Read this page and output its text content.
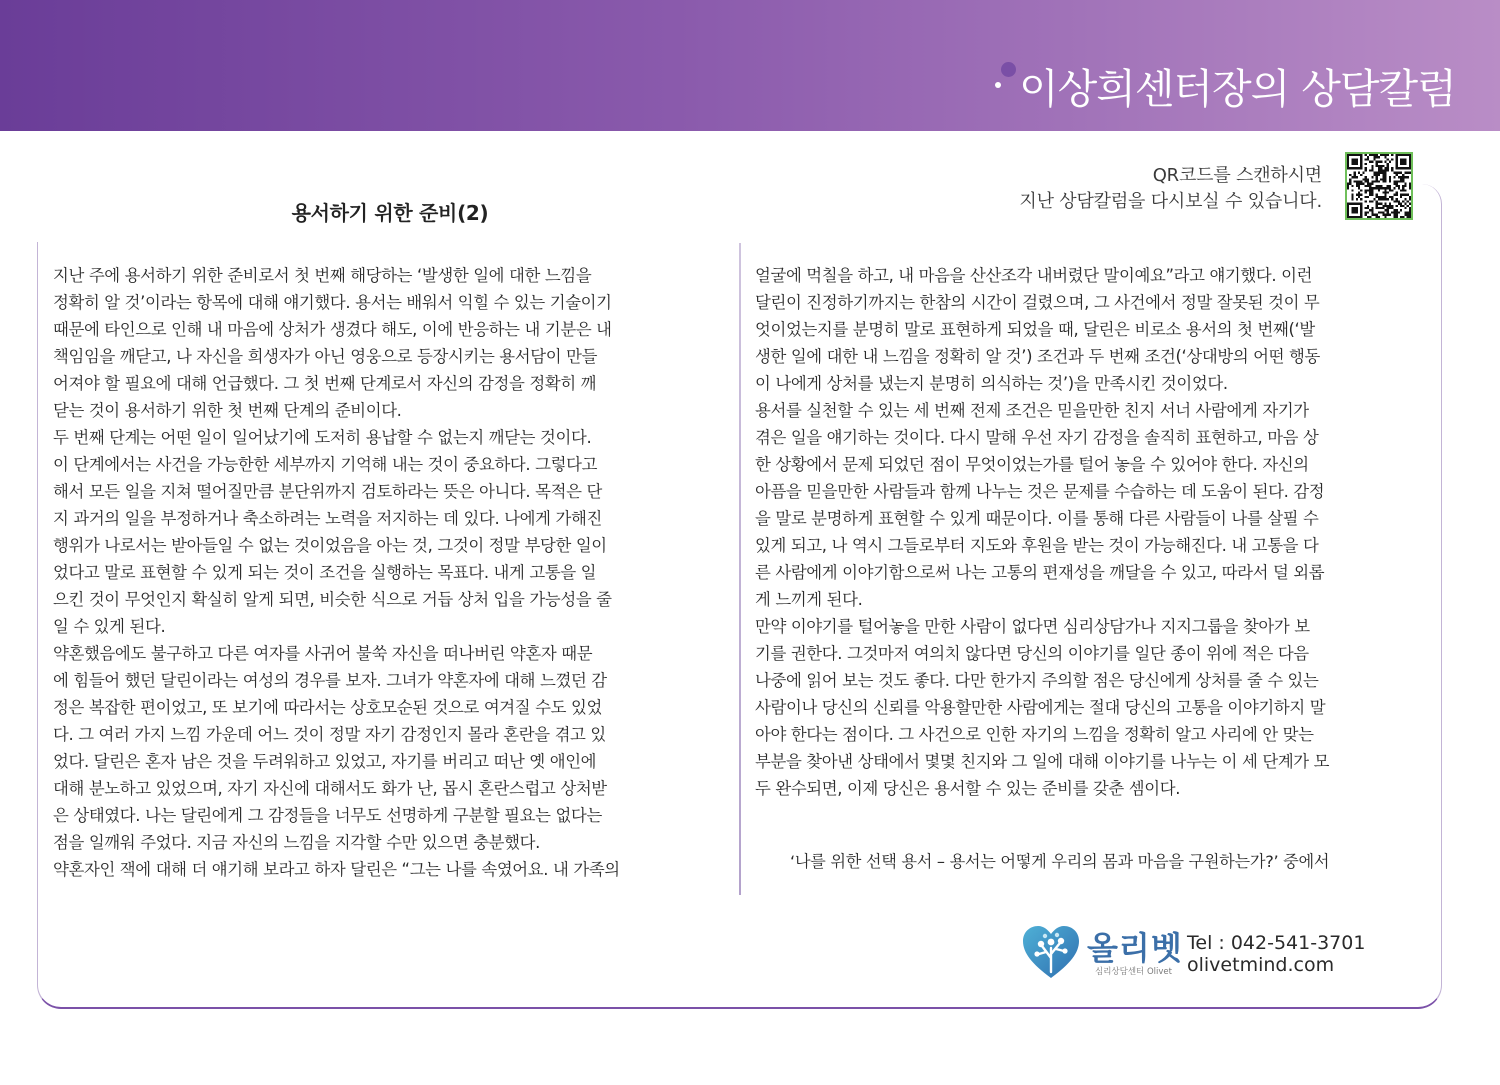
이상희센터장의 상담칼럼
용서하기 위한 준비(2)
QR코드를 스캔하시면
지난 상담칼럼을 다시보실 수 있습니다.
지난 주에 용서하기 위한 준비로서 첫 번째 해당하는 ‘발생한 일에 대한 느낌을
정확히 알 것’이라는 항목에 대해 얘기했다. 용서는 배워서 익힐 수 있는 기술이기
때문에 타인으로 인해 내 마음에 상처가 생겼다 해도, 이에 반응하는 내 기분은 내
책임임을 깨닫고, 나 자신을 희생자가 아닌 영웅으로 등장시키는 용서담이 만들
어져야 할 필요에 대해 언급했다. 그 첫 번째 단계로서 자신의 감정을 정확히 깨
닫는 것이 용서하기 위한 첫 번째 단계의 준비이다.
두 번째 단계는 어떤 일이 일어났기에 도저히 용납할 수 없는지 깨닫는 것이다.
이 단계에서는 사건을 가능한한 세부까지 기억해 내는 것이 중요하다. 그렇다고
해서 모든 일을 지쳐 떨어질만큼 분단위까지 검토하라는 뜻은 아니다. 목적은 단
지 과거의 일을 부정하거나 축소하려는 노력을 저지하는 데 있다. 나에게 가해진
행위가 나로서는 받아들일 수 없는 것이었음을 아는 것, 그것이 정말 부당한 일이
었다고 말로 표현할 수 있게 되는 것이 조건을 실행하는 목표다. 내게 고통을 일
으킨 것이 무엇인지 확실히 알게 되면, 비슷한 식으로 거듭 상처 입을 가능성을 줄
일 수 있게 된다.
약혼했음에도 불구하고 다른 여자를 사귀어 불쑥 자신을 떠나버린 약혼자 때문
에 힘들어 했던 달린이라는 여성의 경우를 보자. 그녀가 약혼자에 대해 느꼈던 감
정은 복잡한 편이었고, 또 보기에 따라서는 상호모순된 것으로 여겨질 수도 있었
다. 그 여러 가지 느낌 가운데 어느 것이 정말 자기 감정인지 몰라 혼란을 겪고 있
었다. 달린은 혼자 남은 것을 두려워하고 있었고, 자기를 버리고 떠난 옛 애인에
대해 분노하고 있었으며, 자기 자신에 대해서도 화가 난, 몹시 혼란스럽고 상처받
은 상태였다. 나는 달린에게 그 감정들을 너무도 선명하게 구분할 필요는 없다는
점을 일깨워 주었다. 지금 자신의 느낌을 지각할 수만 있으면 충분했다.
약혼자인 잭에 대해 더 얘기해 보라고 하자 달린은 “그는 나를 속였어요. 내 가족의
얼굴에 먹칠을 하고, 내 마음을 산산조각 내버렸단 말이예요”라고 얘기했다. 이런
달린이 진정하기까지는 한참의 시간이 걸렸으며, 그 사건에서 정말 잘못된 것이 무
엇이었는지를 분명히 말로 표현하게 되었을 때, 달린은 비로소 용서의 첫 번째(‘발
생한 일에 대한 내 느낌을 정확히 알 것’) 조건과 두 번째 조건(‘상대방의 어떤 행동
이 나에게 상처를 냈는지 분명히 의식하는 것’)을 만족시킨 것이었다.
용서를 실천할 수 있는 세 번째 전제 조건은 믿을만한 친지 서너 사람에게 자기가
겪은 일을 얘기하는 것이다. 다시 말해 우선 자기 감정을 솔직히 표현하고, 마음 상
한 상황에서 문제 되었던 점이 무엇이었는가를 털어 놓을 수 있어야 한다. 자신의
아픔을 믿을만한 사람들과 함께 나누는 것은 문제를 수습하는 데 도움이 된다. 감정
을 말로 분명하게 표현할 수 있게 때문이다. 이를 통해 다른 사람들이 나를 살필 수
있게 되고, 나 역시 그들로부터 지도와 후원을 받는 것이 가능해진다. 내 고통을 다
른 사람에게 이야기함으로써 나는 고통의 편재성을 깨달을 수 있고, 따라서 덜 외롭
게 느끼게 된다.
만약 이야기를 털어놓을 만한 사람이 없다면 심리상담가나 지지그룹을 찾아가 보
기를 권한다. 그것마저 여의치 않다면 당신의 이야기를 일단 종이 위에 적은 다음
나중에 읽어 보는 것도 좋다. 다만 한가지 주의할 점은 당신에게 상처를 줄 수 있는
사람이나 당신의 신뢰를 악용할만한 사람에게는 절대 당신의 고통을 이야기하지 말
아야 한다는 점이다. 그 사건으로 인한 자기의 느낌을 정확히 알고 사리에 안 맞는
부분을 찾아낸 상태에서 몇몇 친지와 그 일에 대해 이야기를 나누는 이 세 단계가 모
두 완수되면, 이제 당신은 용서할 수 있는 준비를 갖춘 셈이다.
‘나를 위한 선택 용서 – 용서는 어떻게 우리의 몸과 마음을 구원하는가?’ 중에서
올리벳
심리상담센터 Olivet
Tel : 042-541-3701
olivetmind.com
